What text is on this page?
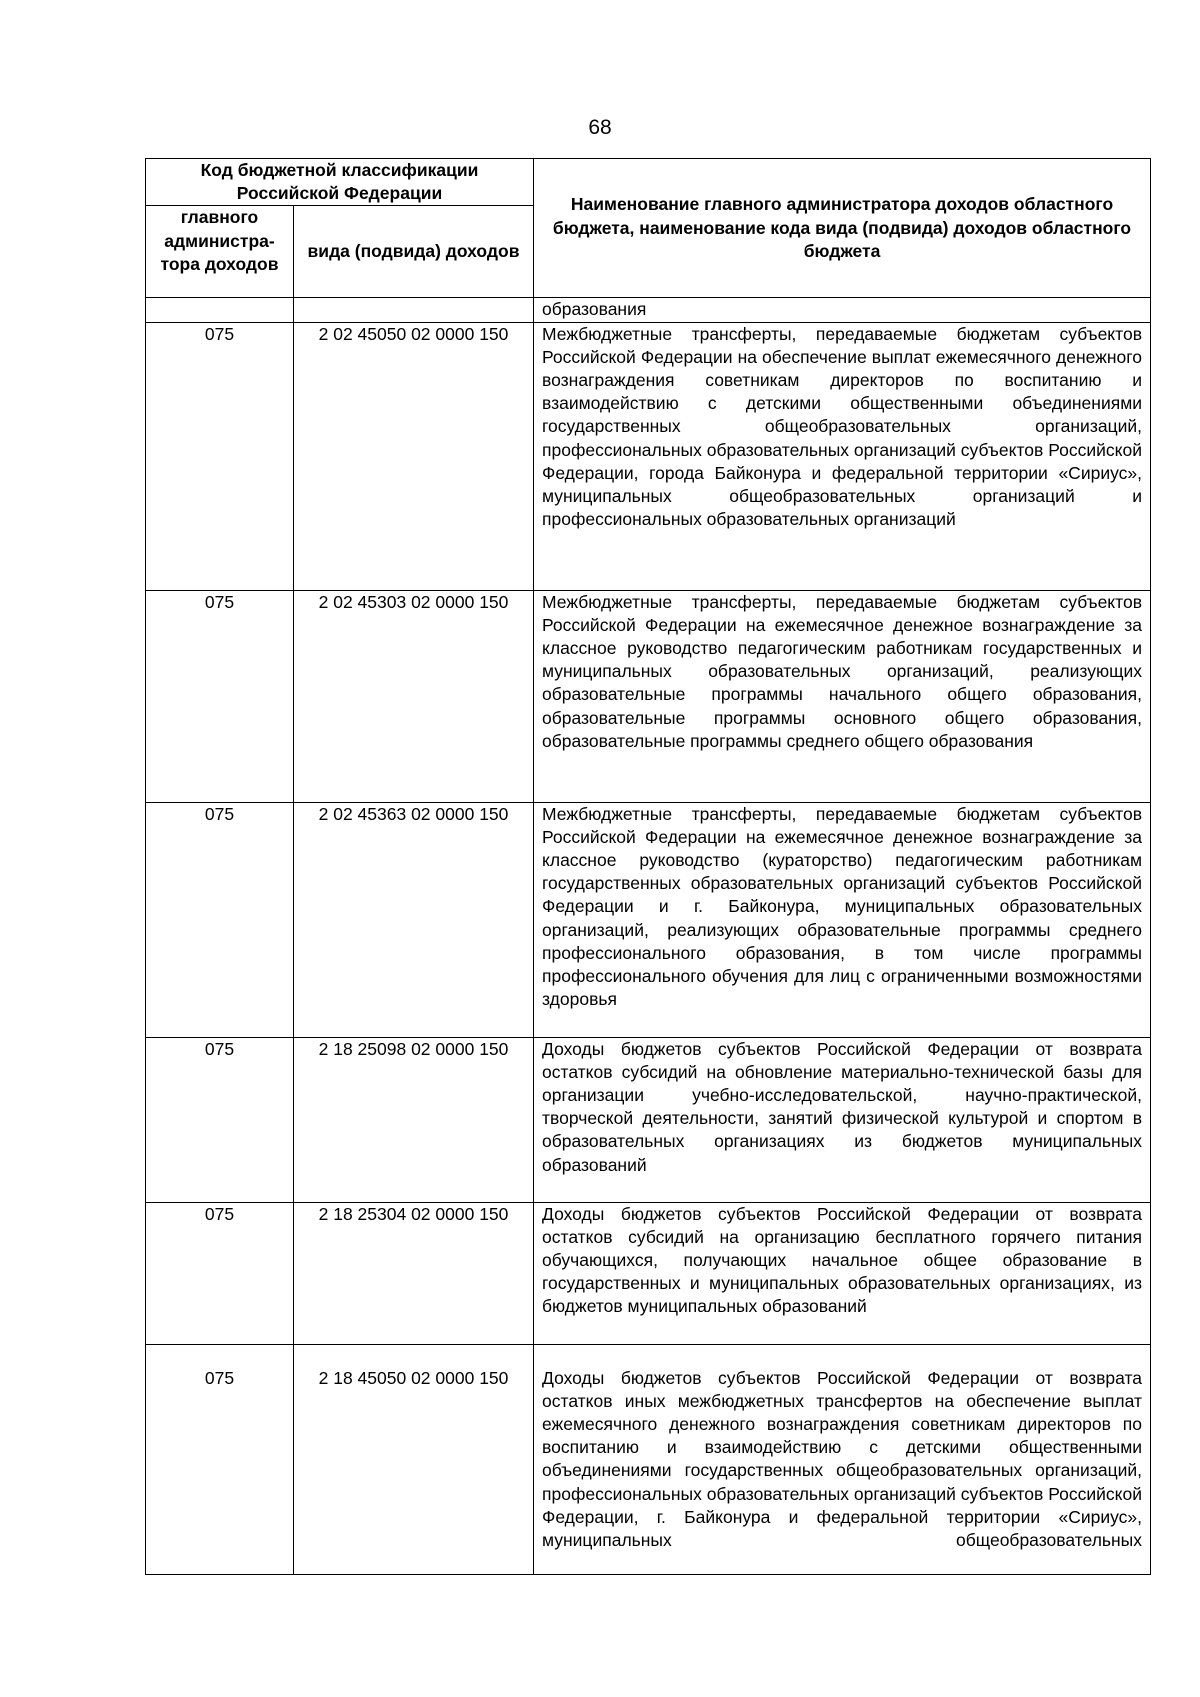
68
Код бюджетной классификации Российской Федерации		Наименование главного администратора доходов областного бюджета, наименование кода вида (подвида) доходов областного бюджета
главного администра-тора доходов	вида (подвида) доходов	
		образования
075	2 02 45050 02 0000 150	Межбюджетные трансферты, передаваемые бюджетам субъектов Российской Федерации на обеспечение выплат ежемесячного денежного вознаграждения советникам директоров по воспитанию и взаимодействию с детскими общественными объединениями государственных общеобразовательных организаций, профессиональных образовательных организаций субъектов Российской Федерации, города Байконура и федеральной территории «Сириус», муниципальных общеобразовательных организаций и профессиональных образовательных организаций
075	2 02 45303 02 0000 150	Межбюджетные трансферты, передаваемые бюджетам субъектов Российской Федерации на ежемесячное денежное вознаграждение за классное руководство педагогическим работникам государственных и муниципальных образовательных организаций, реализующих образовательные программы начального общего образования, образовательные программы основного общего образования, образовательные программы среднего общего образования
075	2 02 45363 02 0000 150	Межбюджетные трансферты, передаваемые бюджетам субъектов Российской Федерации на ежемесячное денежное вознаграждение за классное руководство (кураторство) педагогическим работникам государственных образовательных организаций субъектов Российской Федерации и г. Байконура, муниципальных образовательных организаций, реализующих образовательные программы среднего профессионального образования, в том числе программы профессионального обучения для лиц с ограниченными возможностями здоровья
075	2 18 25098 02 0000 150	Доходы бюджетов субъектов Российской Федерации от возврата остатков субсидий на обновление материально-технической базы для организации учебно-исследовательской, научно-практической, творческой деятельности, занятий физической культурой и спортом в образовательных организациях из бюджетов муниципальных образований
075	2 18 25304 02 0000 150	Доходы бюджетов субъектов Российской Федерации от возврата остатков субсидий на организацию бесплатного горячего питания обучающихся, получающих начальное общее образование в государственных и муниципальных образовательных организациях, из бюджетов муниципальных образований
075	2 18 45050 02 0000 150	Доходы бюджетов субъектов Российской Федерации от возврата остатков иных межбюджетных трансфертов на обеспечение выплат ежемесячного денежного вознаграждения советникам директоров по воспитанию и взаимодействию с детскими общественными объединениями государственных общеобразовательных организаций, профессиональных образовательных организаций субъектов Российской Федерации, г. Байконура и федеральной территории «Сириус», муниципальных общеобразовательных
